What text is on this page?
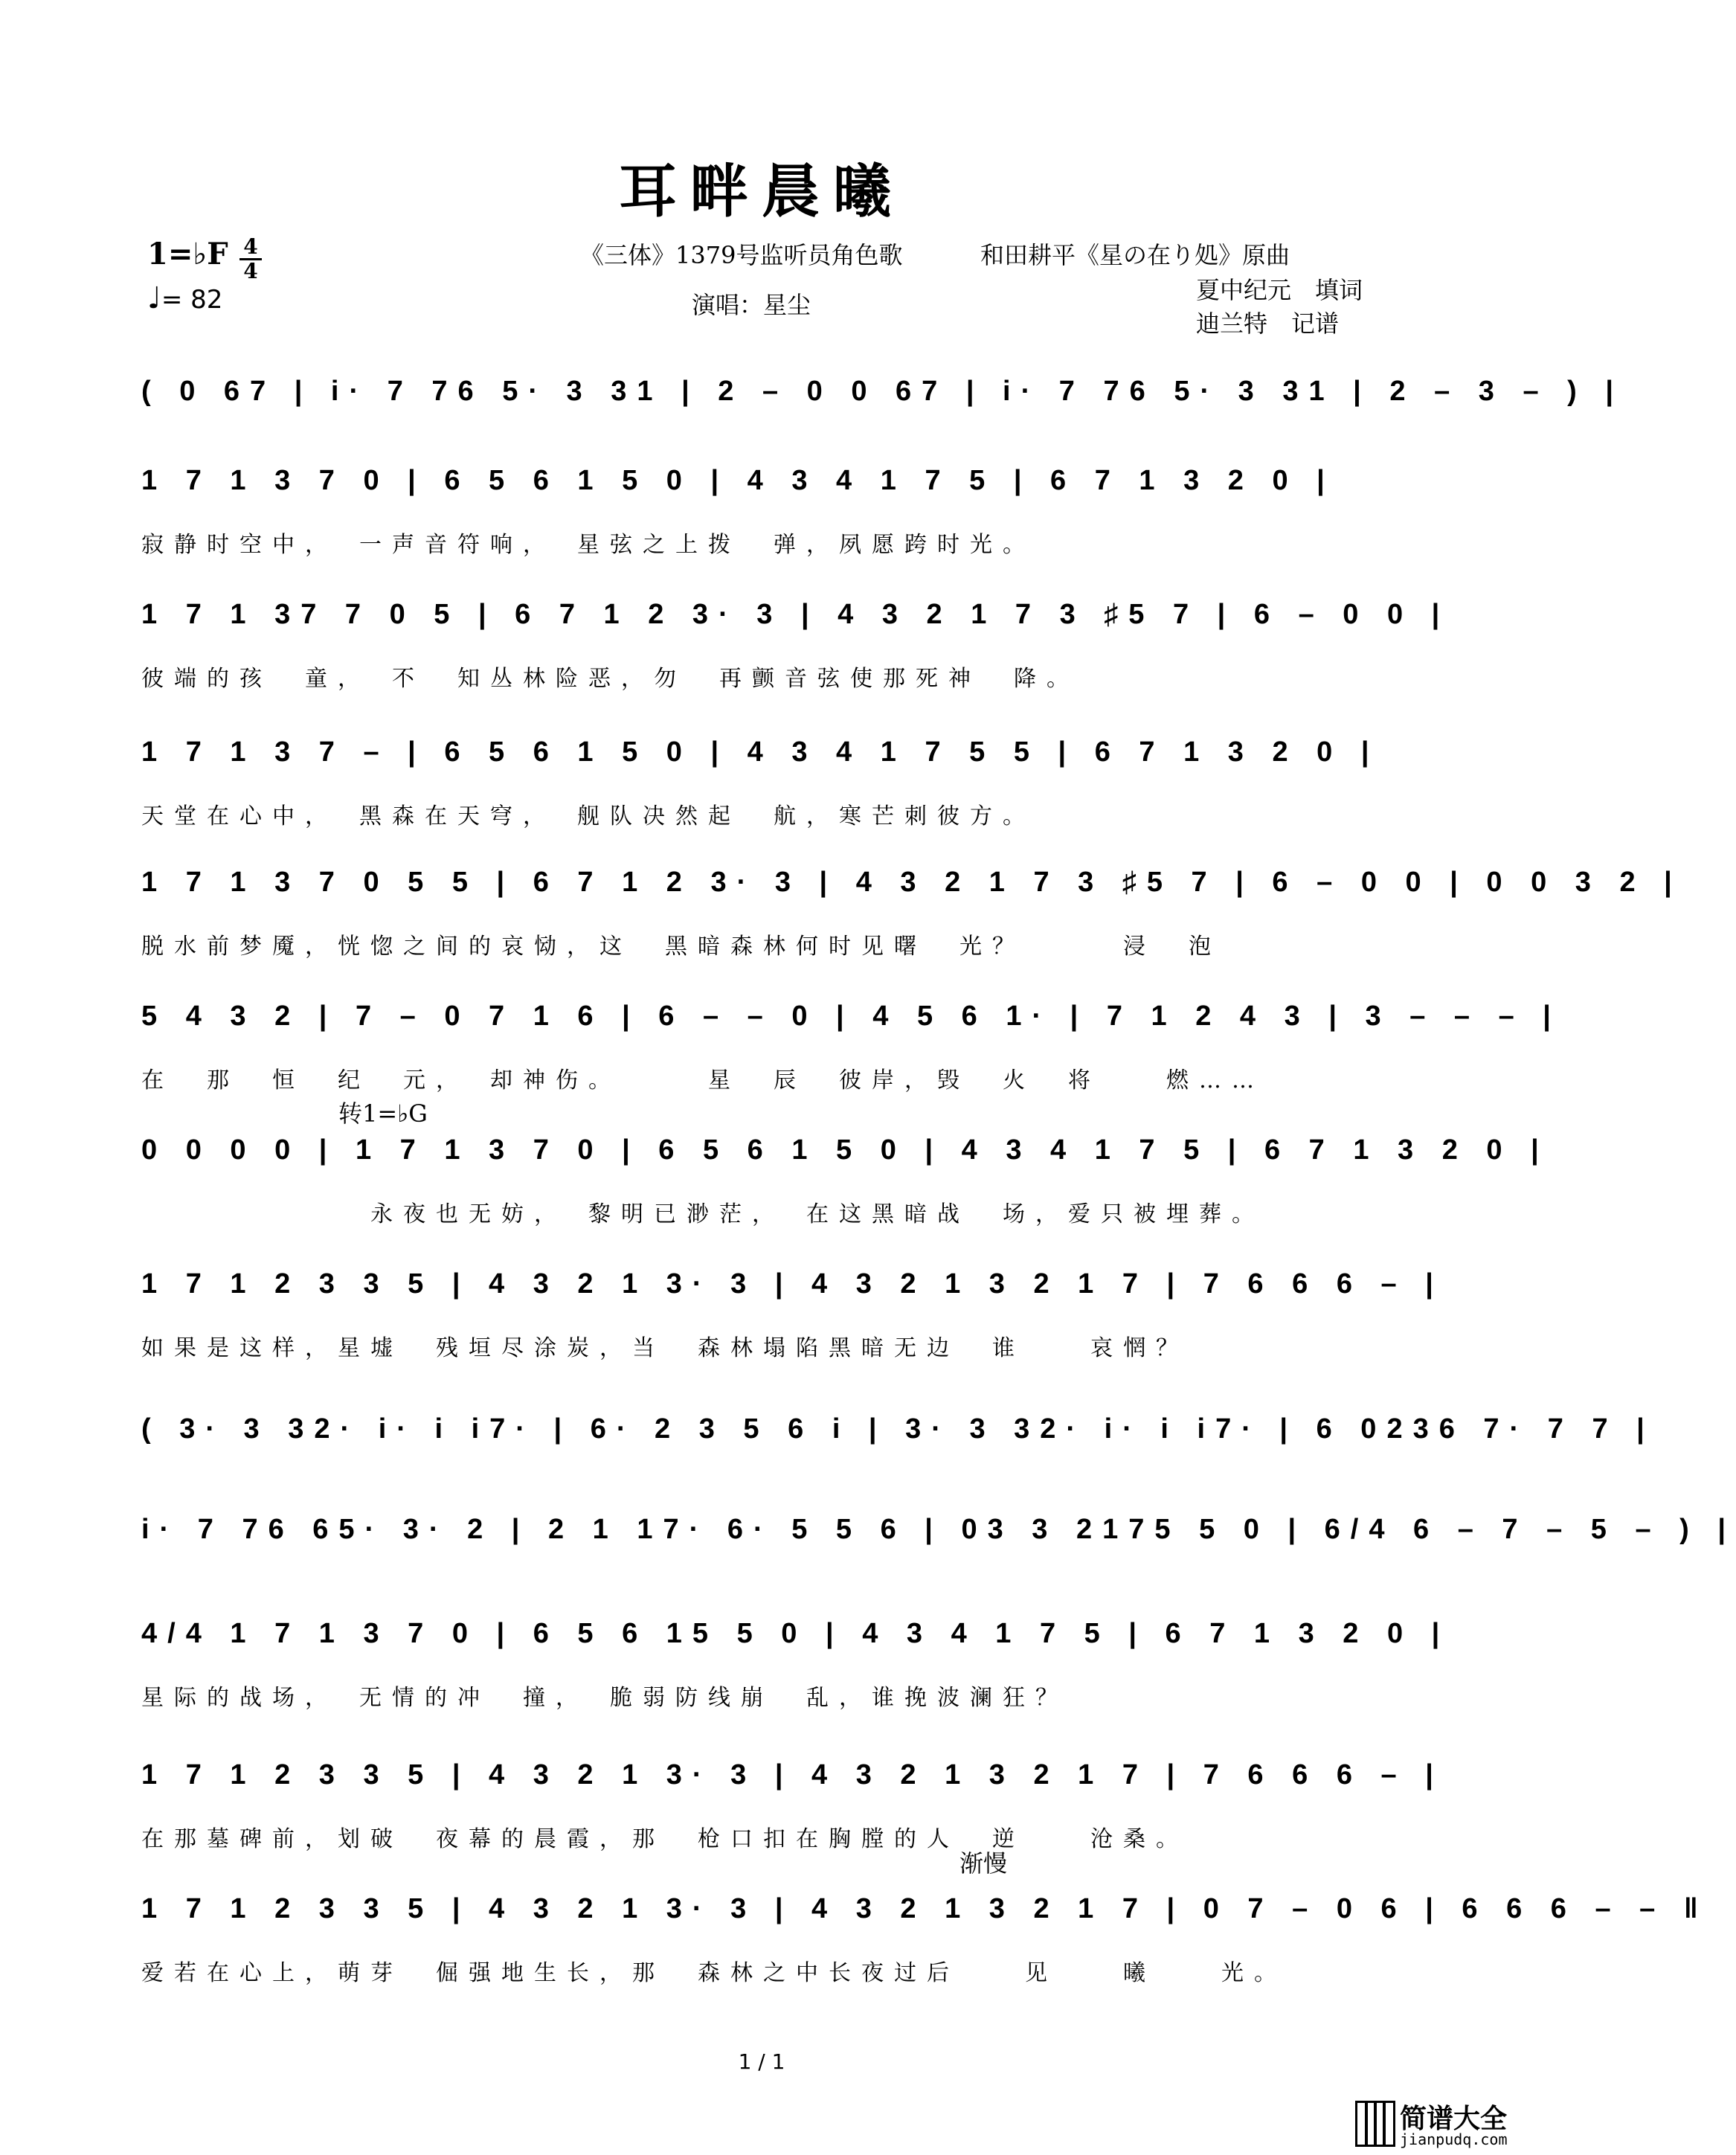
耳畔晨曦
1=♭F 4
4
♩= 82
《三体》1379号监听员角色歌	和田耕平《星の在り処》原曲
演唱：星尘
夏中纪元　填词
迪兰特　记谱
( 0 67 | i· 7 76 5· 3 31 | 2 – 0 0 67 | i· 7 76 5· 3 31 | 2 – 3 – ) |
1 7 1 3 7 0 | 6 5 6 1 5 0 | 4 3 4 1 7 5 | 6 7 1 3 2 0 |
寂静时空中，　一声音符响，　星弦之上拨　弹，夙愿跨时光。
1 7 1 37 7 0 5 | 6 7 1 2 3· 3 | 4 3 2 1 7 3 ♯5 7 | 6 – 0 0 |
彼端的孩　童，　不　知丛林险恶，勿　再颤音弦使那死神　降。
1 7 1 3 7 – | 6 5 6 1 5 0 | 4 3 4 1 7 5 5 | 6 7 1 3 2 0 |
天堂在心中，　黑森在天穹，　舰队决然起　航，寒芒刺彼方。
1 7 1 3 7 0 5 5 | 6 7 1 2 3· 3 | 4 3 2 1 7 3 ♯5 7 | 6 – 0 0 | 0 0 3 2 |
脱水前梦魇，恍惚之间的哀恸，这　黑暗森林何时见曙　光？　　　浸　泡
5 4 3 2 | 7 – 0 7 1 6 | 6 – – 0 | 4 5 6 1· | 7 1 2 4 3 | 3 – – – |
在　那　恒　纪　元，　却神伤。　　　星　辰　彼岸，毁　火　将　　燃……
转1=♭G
0 0 0 0 | 1 7 1 3 7 0 | 6 5 6 1 5 0 | 4 3 4 1 7 5 | 6 7 1 3 2 0 |
　　　　　　　永夜也无妨，　黎明已渺茫，　在这黑暗战　场，爱只被埋葬。
1 7 1 2 3 3 5 | 4 3 2 1 3· 3 | 4 3 2 1 3 2 1 7 | 7 6 6 6 – |
如果是这样，星墟　残垣尽涂炭，当　森林塌陷黑暗无边　谁　　哀惘？
( 3· 3 32· i· i i7· | 6· 2 3 5 6 i | 3· 3 32· i· i i7· | 6 0236 7· 7 7 |
i· 7 76 65· 3· 2 | 2 1 17· 6· 5 5 6 | 03 3 2175 5 0 | 6/4 6 – 7 – 5 – ) |
4/4 1 7 1 3 7 0 | 6 5 6 15 5 0 | 4 3 4 1 7 5 | 6 7 1 3 2 0 |
星际的战场，　无情的冲　撞，　脆弱防线崩　乱，谁挽波澜狂？
1 7 1 2 3 3 5 | 4 3 2 1 3· 3 | 4 3 2 1 3 2 1 7 | 7 6 6 6 – |
在那墓碑前，划破　夜幕的晨霞，那　枪口扣在胸膛的人　逆　　沧桑。
渐慢
1 7 1 2 3 3 5 | 4 3 2 1 3· 3 | 4 3 2 1 3 2 1 7 | 0 7 – 0 6 | 6 6 6 – – ‖
爱若在心上，萌芽　倔强地生长，那　森林之中长夜过后　　见　　曦　　光。
1 / 1
简谱大全
jianpudq.com
